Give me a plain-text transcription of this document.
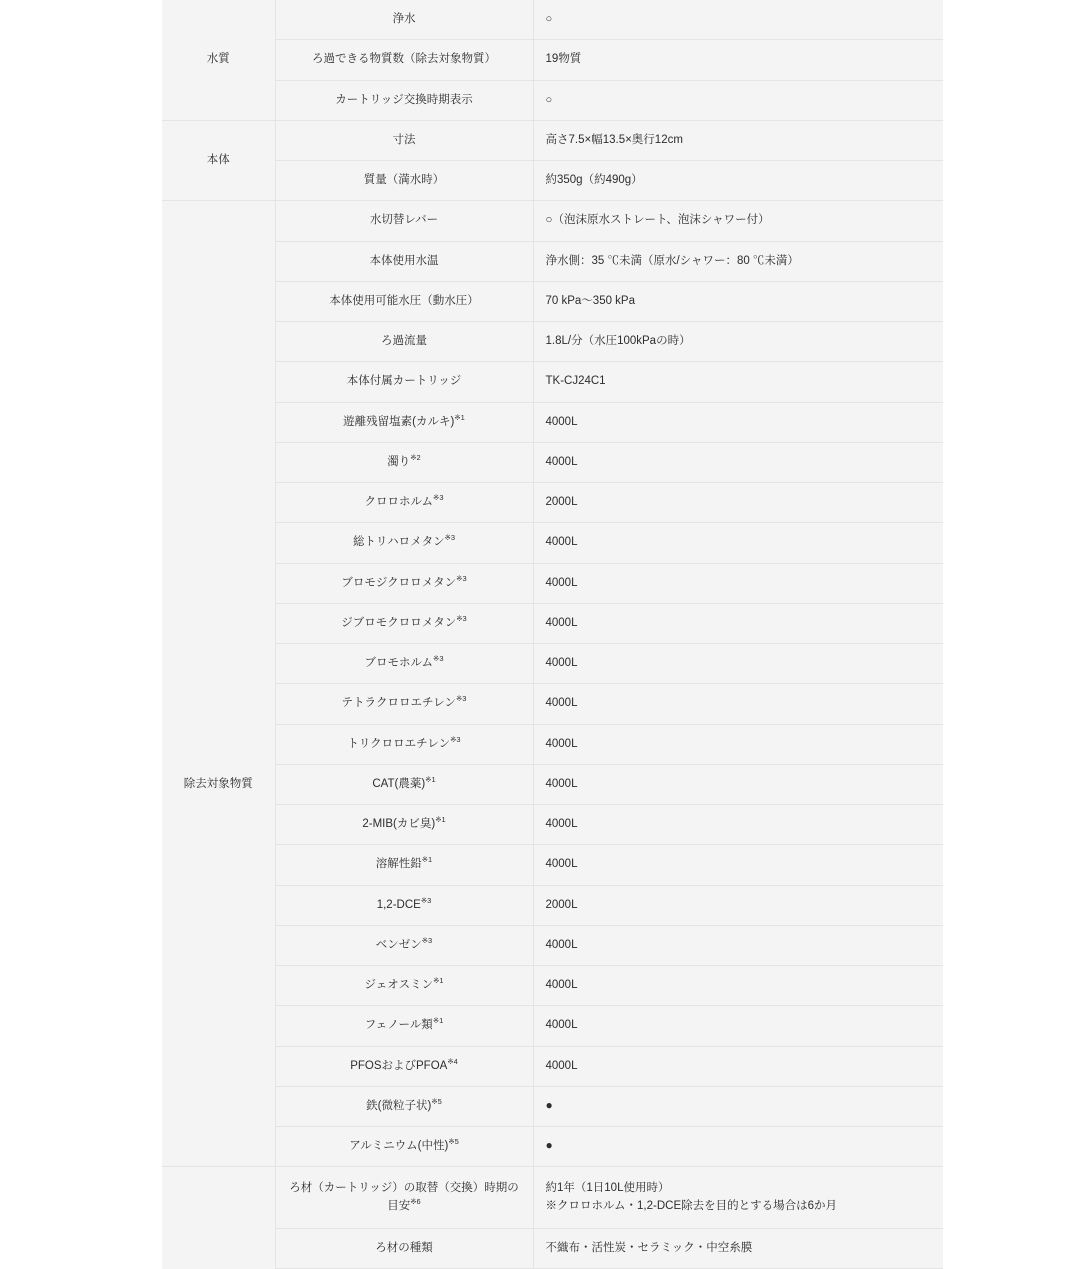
水質	浄水	○
	ろ過できる物質数（除去対象物質）	19物質
	カートリッジ交換時期表示	○
本体	寸法	高さ7.5×幅13.5×奥行12cm
	質量（満水時）	約350g（約490g）
	水切替レバー	○（泡沫原水ストレート、泡沫シャワー付）
	本体使用水温	浄水側：35 ℃未満（原水/シャワー：80 ℃未満）
	本体使用可能水圧（動水圧）	70 kPa〜350 kPa
	ろ過流量	1.8L/分（水圧100kPaの時）
	本体付属カートリッジ	TK-CJ24C1
除去対象物質	遊離残留塩素(カルキ)$^{※1}$	4000L
	濁り$^{※2}$	4000L
	クロロホルム$^{※3}$	2000L
	総トリハロメタン$^{※3}$	4000L
	ブロモジクロロメタン$^{※3}$	4000L
	ジブロモクロロメタン$^{※3}$	4000L
	ブロモホルム$^{※3}$	4000L
	テトラクロロエチレン$^{※3}$	4000L
	トリクロロエチレン$^{※3}$	4000L
	CAT(農薬)$^{※1}$	4000L
	2-MIB(カビ臭)$^{※1}$	4000L
	溶解性鉛$^{※1}$	4000L
	1,2-DCE$^{※3}$	2000L
	ベンゼン$^{※3}$	4000L
	ジェオスミン$^{※1}$	4000L
	フェノール類$^{※1}$	4000L
	PFOSおよびPFOA$^{※4}$	4000L
	鉄(微粒子状)$^{※5}$	●
	アルミニウム(中性)$^{※5}$	●
	ろ材（カートリッジ）の取替（交換）時期の目安$^{※6}$	約1年（1日10L使用時）
※クロロホルム・1,2-DCE除去を目的とする場合は6か月

	ろ材の種類	不織布・活性炭・セラミック・中空糸膜
